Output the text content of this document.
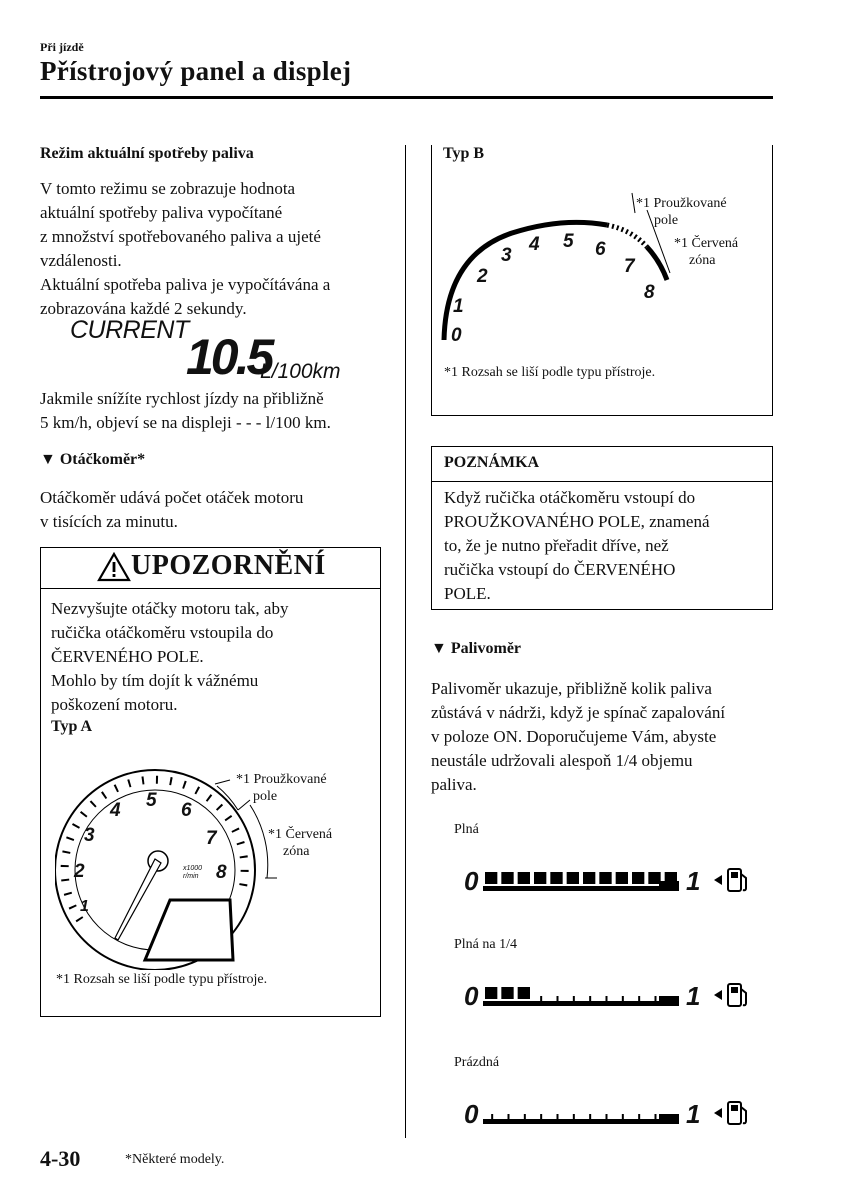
Při jízdě
Přístrojový panel a displej
Režim aktuální spotřeby paliva
V tomto režimu se zobrazuje hodnota
aktuální spotřeby paliva vypočítané
z množství spotřebovaného paliva a ujeté
vzdálenosti.
Aktuální spotřeba paliva je vypočítávána a
zobrazována každé 2 sekundy.
CURRENT
10.5
L/100km
Jakmile snížíte rychlost jízdy na přibližně
5 km/h, objeví se na displeji - - - l/100 km.
▼ Otáčkoměr*
Otáčkoměr udává počet otáček motoru
v tisících za minutu.
UPOZORNĚNÍ
Nezvyšujte otáčky motoru tak, aby
ručička otáčkoměru vstoupila do
ČERVENÉHO POLE.
Mohlo by tím dojít k vážnému
poškození motoru.
Typ A
1
2
3
4 5 6
7
8
x1000
r/min
*1 Proužkované
pole
*1 Červená
zóna
*1 Rozsah se liší podle typu přístroje.
Typ B
0
1
2
3
4 5 6
7
8
*1 Proužkované
pole
*1 Červená
zóna
*1 Rozsah se liší podle typu přístroje.
POZNÁMKA
Když ručička otáčkoměru vstoupí do
PROUŽKOVANÉHO POLE, znamená
to, že je nutno přeřadit dříve, než
ručička vstoupí do ČERVENÉHO
POLE.
▼ Palivoměr
Palivoměr ukazuje, přibližně kolik paliva
zůstává v nádrži, když je spínač zapalování
v poloze ON. Doporučujeme Vám, abyste
neustále udržovali alespoň 1/4 objemu
paliva.
Plná
0	1
Plná na 1/4
0	1
Prázdná
0	1
4-30	*Některé modely.
